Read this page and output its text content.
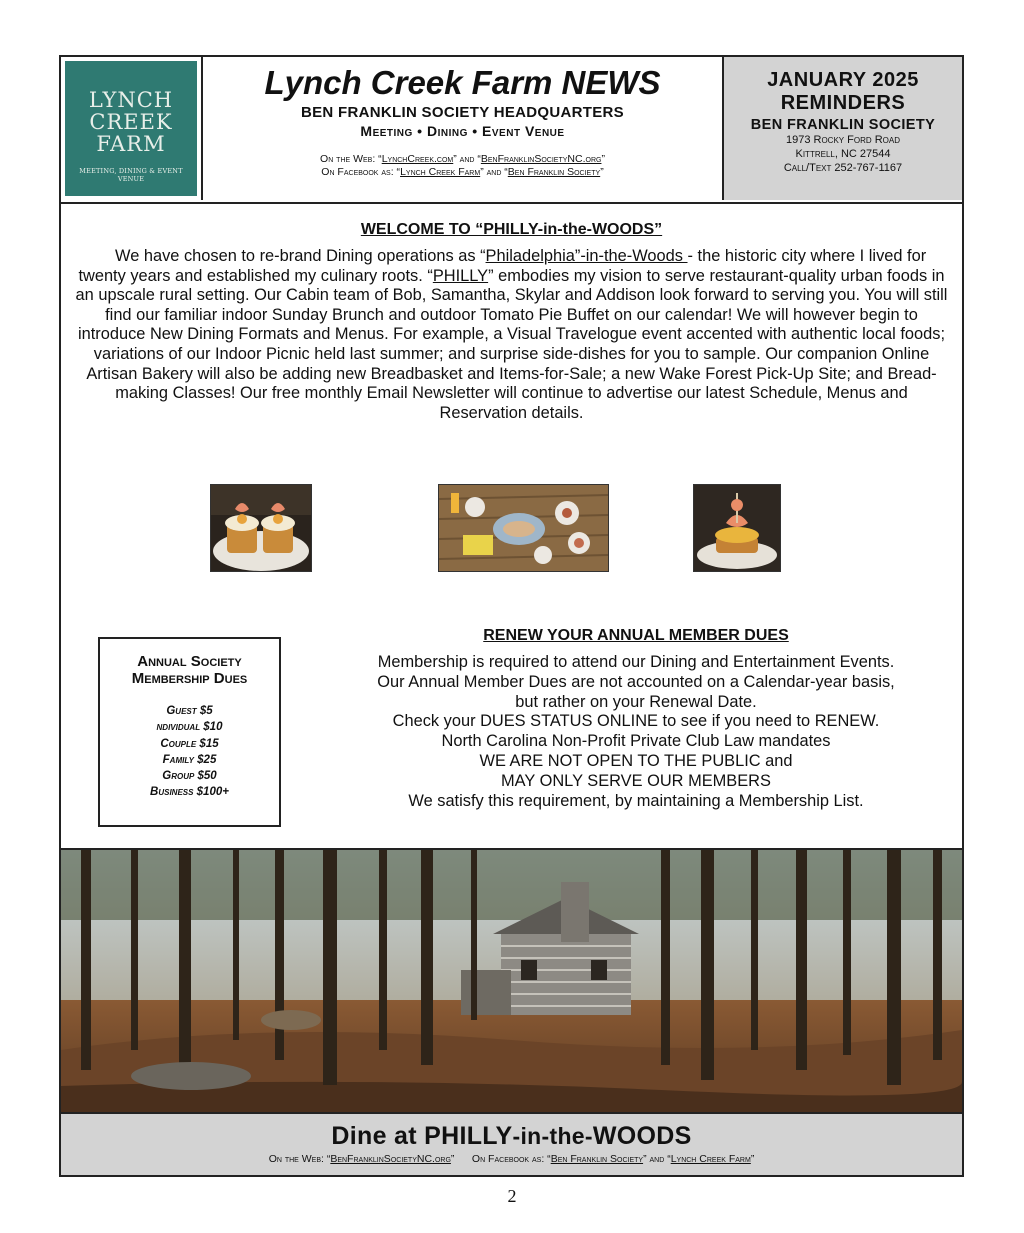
LYNCH
CREEK
FARM
MEETING, DINING & EVENT VENUE
Lynch Creek Farm NEWS
BEN FRANKLIN SOCIETY HEADQUARTERS
Meeting • Dining • Event Venue
On the Web: “LynchCreek.com” and “BenFranklinSocietyNC.org”
On Facebook as: “Lynch Creek Farm” and “Ben Franklin Society”
JANUARY 2025
REMINDERS
BEN FRANKLIN SOCIETY
1973 Rocky Ford Road
Kittrell, NC 27544
Call/Text 252-767-1167
WELCOME TO “PHILLY-in-the-WOODS”
We have chosen to re-brand Dining operations as “Philadelphia”-in-the-Woods - the historic city where I lived for twenty years and established my culinary roots. “PHILLY” embodies my vision to serve restaurant-quality urban foods in an upscale rural setting. Our Cabin team of Bob, Samantha, Skylar and Addison look forward to serving you. You will still find our familiar indoor Sunday Brunch and outdoor Tomato Pie Buffet on our calendar! We will however begin to introduce New Dining Formats and Menus. For example, a Visual Travelogue event accented with authentic local foods; variations of our Indoor Picnic held last summer; and surprise side-dishes for you to sample. Our companion Online Artisan Bakery will also be adding new Breadbasket and Items-for-Sale; a new Wake Forest Pick-Up Site; and Bread-making Classes! Our free monthly Email Newsletter will continue to advertise our latest Schedule, Menus and Reservation details.
Annual Society
Membership Dues
Guest $5
ndividual $10
Couple $15
Family $25
Group $50
Business $100+
RENEW YOUR ANNUAL MEMBER DUES
Membership is required to attend our Dining and Entertainment Events.
Our Annual Member Dues are not accounted on a Calendar-year basis,
but rather on your Renewal Date.
Check your DUES STATUS ONLINE to see if you need to RENEW.
North Carolina Non-Profit Private Club Law mandates
WE ARE NOT OPEN TO THE PUBLIC and
MAY ONLY SERVE OUR MEMBERS
We satisfy this requirement, by maintaining a Membership List.
Dine at PHILLY-in-the-WOODS
On the Web: “BenFranklinSocietyNC.org” On Facebook as: “Ben Franklin Society” and “Lynch Creek Farm”
2
